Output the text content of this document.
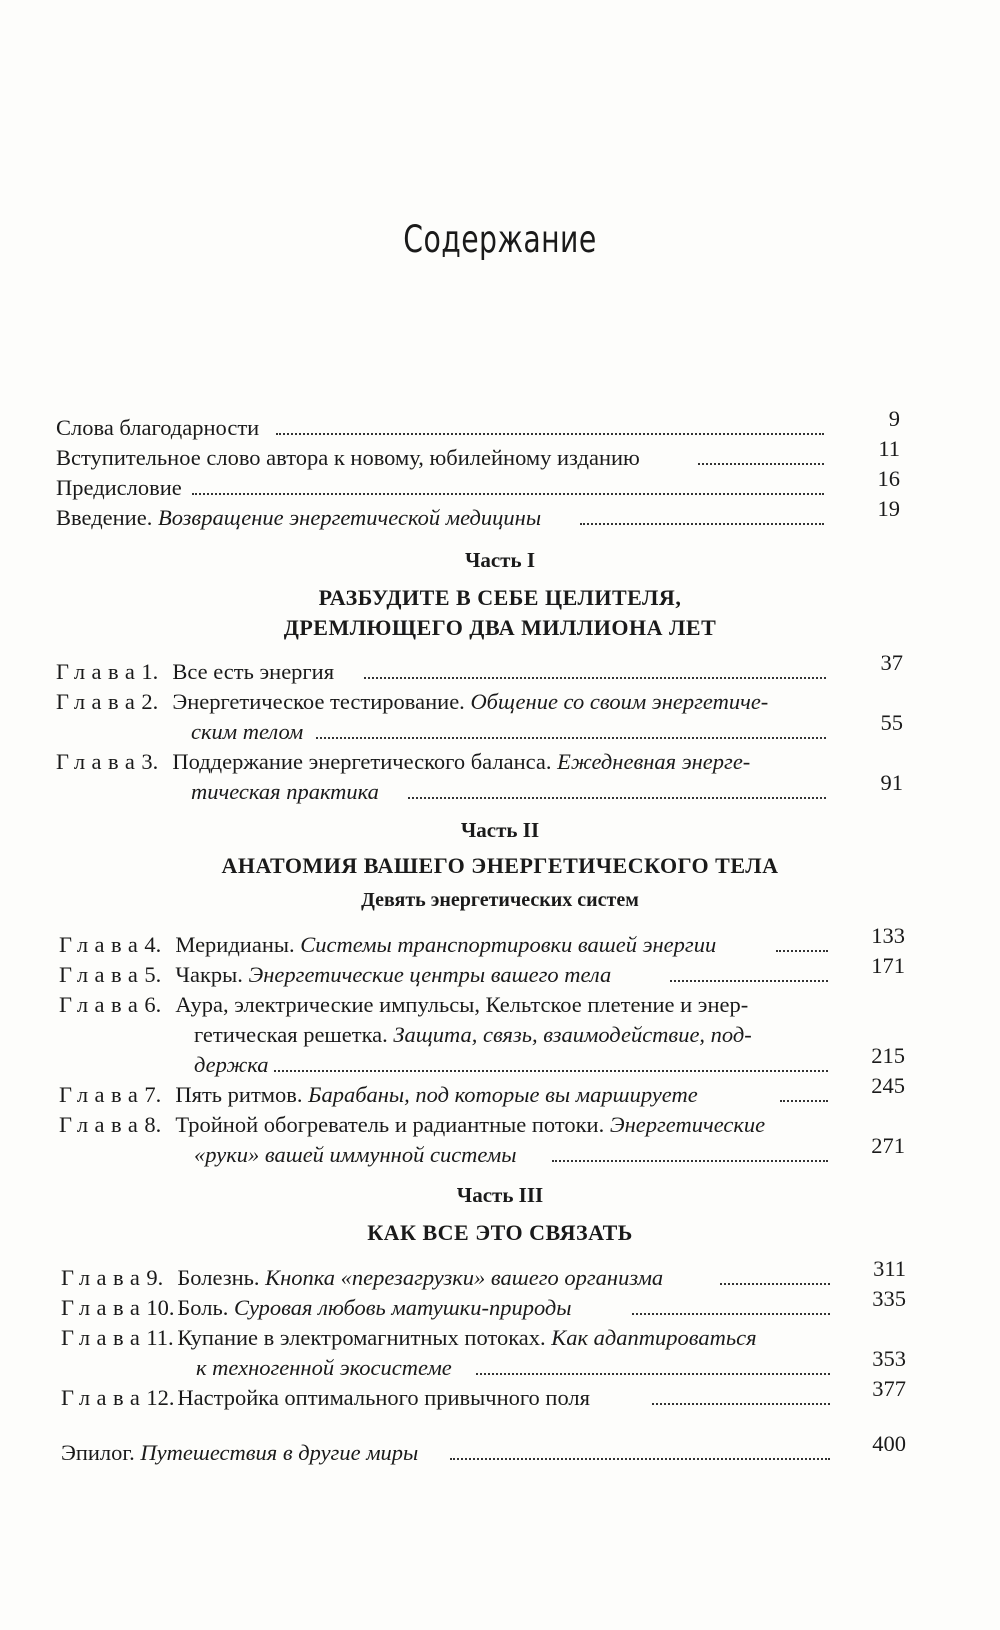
Содержание
Слова благодарности	9
Вступительное слово автора к новому, юбилейному изданию	11
Предисловие	16
Введение. Возвращение энергетической медицины	19
Часть I
РАЗБУДИТЕ В СЕБЕ ЦЕЛИТЕЛЯ,
ДРЕМЛЮЩЕГО ДВА МИЛЛИОНА ЛЕТ
Глава1. Все есть энергия	37
Глава2. Энергетическое тестирование. Общение со своим энергетиче-
ским телом	55
Глава3. Поддержание энергетического баланса. Ежедневная энерге-
тическая практика	91
Часть II
АНАТОМИЯ ВАШЕГО ЭНЕРГЕТИЧЕСКОГО ТЕЛА
Девять энергетических систем
Глава4. Меридианы. Системы транспортировки вашей энергии	133
Глава5. Чакры. Энергетические центры вашего тела	171
Глава6. Аура, электрические импульсы, Кельтское плетение и энер-
гетическая решетка. Защита, связь, взаимодействие, под-
держка	215
Глава7. Пять ритмов. Барабаны, под которые вы маршируете	245
Глава8. Тройной обогреватель и радиантные потоки. Энергетические
«руки» вашей иммунной системы	271
Часть III
КАК ВСЕ ЭТО СВЯЗАТЬ
Глава9. Болезнь. Кнопка «перезагрузки» вашего организма	311
Глава10. Боль. Суровая любовь матушки-природы	335
Глава11. Купание в электромагнитных потоках. Как адаптироваться
к техногенной экосистеме	353
Глава12. Настройка оптимального привычного поля	377
Эпилог. Путешествия в другие миры	400
